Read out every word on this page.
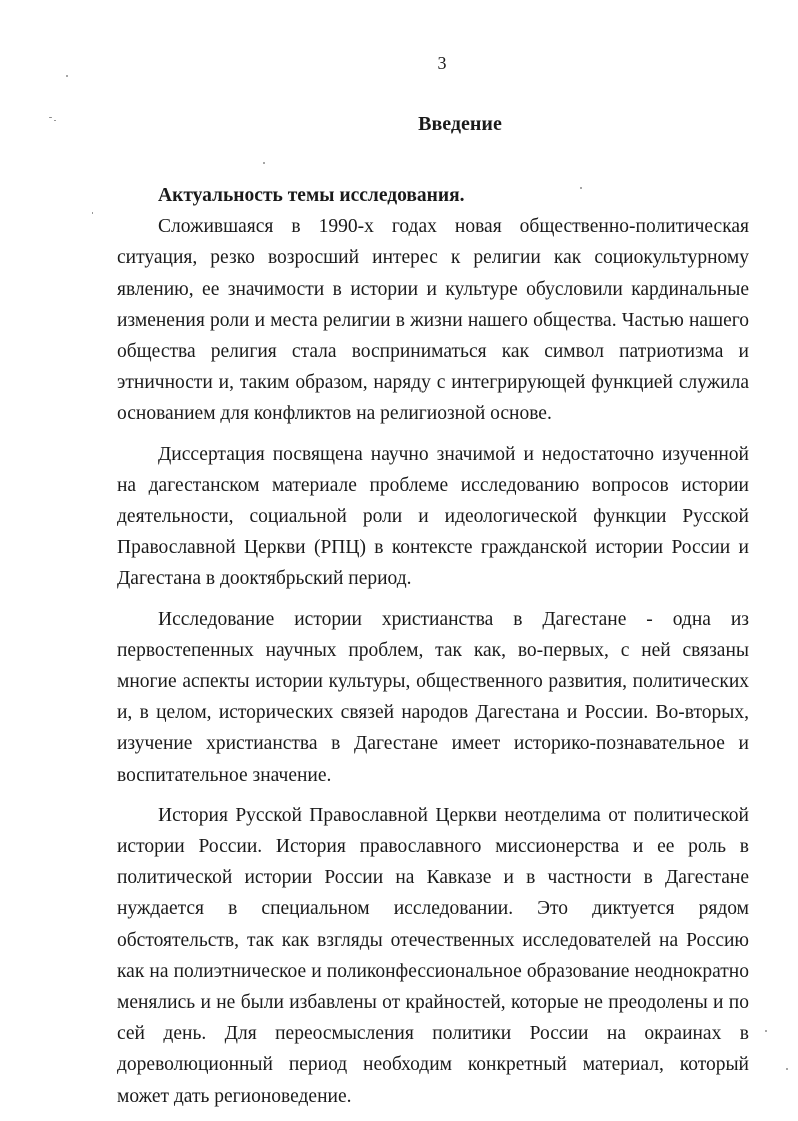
3
Введение
Актуальность темы исследования.

Сложившаяся в 1990-х годах новая общественно-политическая ситуация, резко возросший интерес к религии как социокультурному явлению, ее значимости в истории и культуре обусловили кардинальные изменения роли и места религии в жизни нашего общества. Частью нашего общества религия стала восприниматься как символ патриотизма и этничности и, таким образом, наряду с интегрирующей функцией служила основанием для конфликтов на религиозной основе.

Диссертация посвящена научно значимой и недостаточно изученной на дагестанском материале проблеме исследованию вопросов истории деятельности, социальной роли и идеологической функции Русской Православной Церкви (РПЦ) в контексте гражданской истории России и Дагестана в дооктябрьский период.

Исследование истории христианства в Дагестане - одна из первостепенных научных проблем, так как, во-первых, с ней связаны многие аспекты истории культуры, общественного развития, политических и, в целом, исторических связей народов Дагестана и России. Во-вторых, изучение христианства в Дагестане имеет историко-познавательное и воспитательное значение.

История Русской Православной Церкви неотделима от политической истории России. История православного миссионерства и ее роль в политической истории России на Кавказе и в частности в Дагестане нуждается в специальном исследовании. Это диктуется рядом обстоятельств, так как взгляды отечественных исследователей на Россию как на полиэтническое и поликонфессиональное образование неоднократно менялись и не были избавлены от крайностей, которые не преодолены и по сей день. Для переосмысления политики России на окраинах в дореволюционный период необходим конкретный материал, который может дать регионоведение.
